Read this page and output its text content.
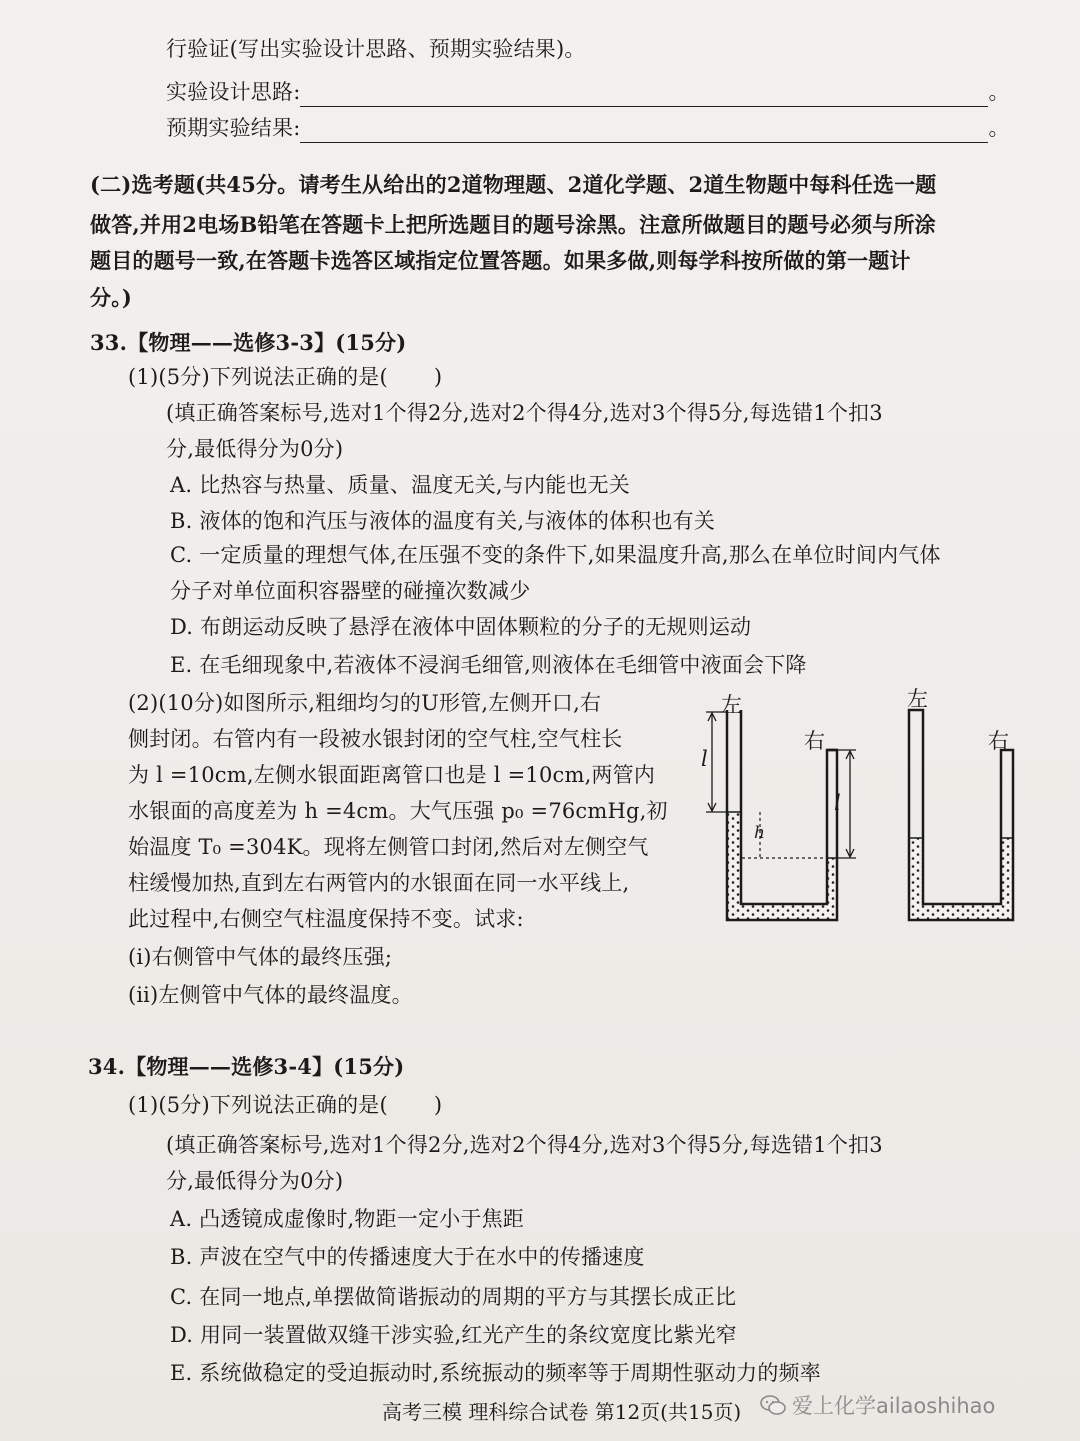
行验证(写出实验设计思路、预期实验结果)。
实验设计思路:	。
预期实验结果:	。
(二)选考题(共45分。请考生从给出的2道物理题、2道化学题、2道生物题中每科任选一题
做答,并用2电场B铅笔在答题卡上把所选题目的题号涂黑。注意所做题目的题号必须与所涂
题目的题号一致,在答题卡选答区域指定位置答题。如果多做,则每学科按所做的第一题计
分。)
33.【物理——选修3-3】(15分)
(1)(5分)下列说法正确的是( )
(填正确答案标号,选对1个得2分,选对2个得4分,选对3个得5分,每选错1个扣3
分,最低得分为0分)
A. 比热容与热量、质量、温度无关,与内能也无关
B. 液体的饱和汽压与液体的温度有关,与液体的体积也有关
C. 一定质量的理想气体,在压强不变的条件下,如果温度升高,那么在单位时间内气体
分子对单位面积容器壁的碰撞次数减少
D. 布朗运动反映了悬浮在液体中固体颗粒的分子的无规则运动
E. 在毛细现象中,若液体不浸润毛细管,则液体在毛细管中液面会下降
(2)(10分)如图所示,粗细均匀的U形管,左侧开口,右
侧封闭。右管内有一段被水银封闭的空气柱,空气柱长
为 l =10cm,左侧水银面距离管口也是 l =10cm,两管内
水银面的高度差为 h =4cm。大气压强 p₀ =76cmHg,初
始温度 T₀ =304K。现将左侧管口封闭,然后对左侧空气
柱缓慢加热,直到左右两管内的水银面在同一水平线上,
此过程中,右侧空气柱温度保持不变。试求:
(ⅰ)右侧管中气体的最终压强;
(ⅱ)左侧管中气体的最终温度。
左
右
左
右
l
h
l
34.【物理——选修3-4】(15分)
(1)(5分)下列说法正确的是( )
(填正确答案标号,选对1个得2分,选对2个得4分,选对3个得5分,每选错1个扣3
分,最低得分为0分)
A. 凸透镜成虚像时,物距一定小于焦距
B. 声波在空气中的传播速度大于在水中的传播速度
C. 在同一地点,单摆做简谐振动的周期的平方与其摆长成正比
D. 用同一装置做双缝干涉实验,红光产生的条纹宽度比紫光窄
E. 系统做稳定的受迫振动时,系统振动的频率等于周期性驱动力的频率
高考三模 理科综合试卷 第12页(共15页) 爱上化学ailaoshihao
